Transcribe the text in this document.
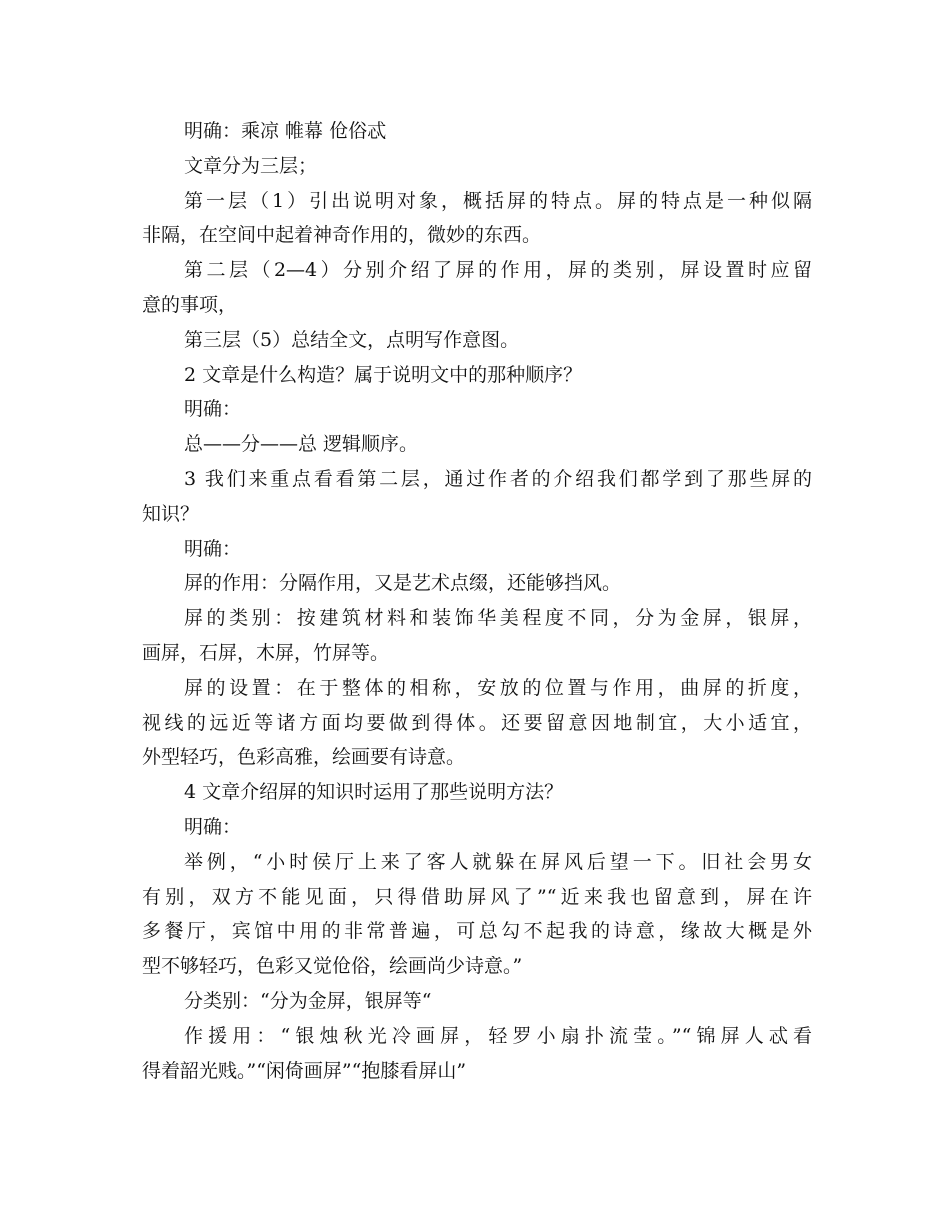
明确：乘凉 帷幕 伧俗忒
文章分为三层；
第一层（1）引出说明对象，概括屏的特点。屏的特点是一种似隔
非隔，在空间中起着神奇作用的，微妙的东西。
第二层（2—4）分别介绍了屏的作用，屏的类别，屏设置时应留
意的事项，
第三层（5）总结全文，点明写作意图。
2 文章是什么构造？属于说明文中的那种顺序？
明确：
总——分——总 逻辑顺序。
3 我们来重点看看第二层，通过作者的介绍我们都学到了那些屏的
知识？
明确：
屏的作用：分隔作用，又是艺术点缀，还能够挡风。
屏的类别：按建筑材料和装饰华美程度不同，分为金屏，银屏，
画屏，石屏，木屏，竹屏等。
屏的设置：在于整体的相称，安放的位置与作用，曲屏的折度，
视线的远近等诸方面均要做到得体。还要留意因地制宜，大小适宜，
外型轻巧，色彩高雅，绘画要有诗意。
4 文章介绍屏的知识时运用了那些说明方法？
明确：
举例，“小时侯厅上来了客人就躲在屏风后望一下。旧社会男女
有别，双方不能见面，只得借助屏风了”“近来我也留意到，屏在许
多餐厅，宾馆中用的非常普遍，可总勾不起我的诗意，缘故大概是外
型不够轻巧，色彩又觉伧俗，绘画尚少诗意。”
分类别：“分为金屏，银屏等“
作援用：“银烛秋光冷画屏，轻罗小扇扑流莹。”“锦屏人忒看
得着韶光贱。”“闲倚画屏”“抱膝看屏山”
